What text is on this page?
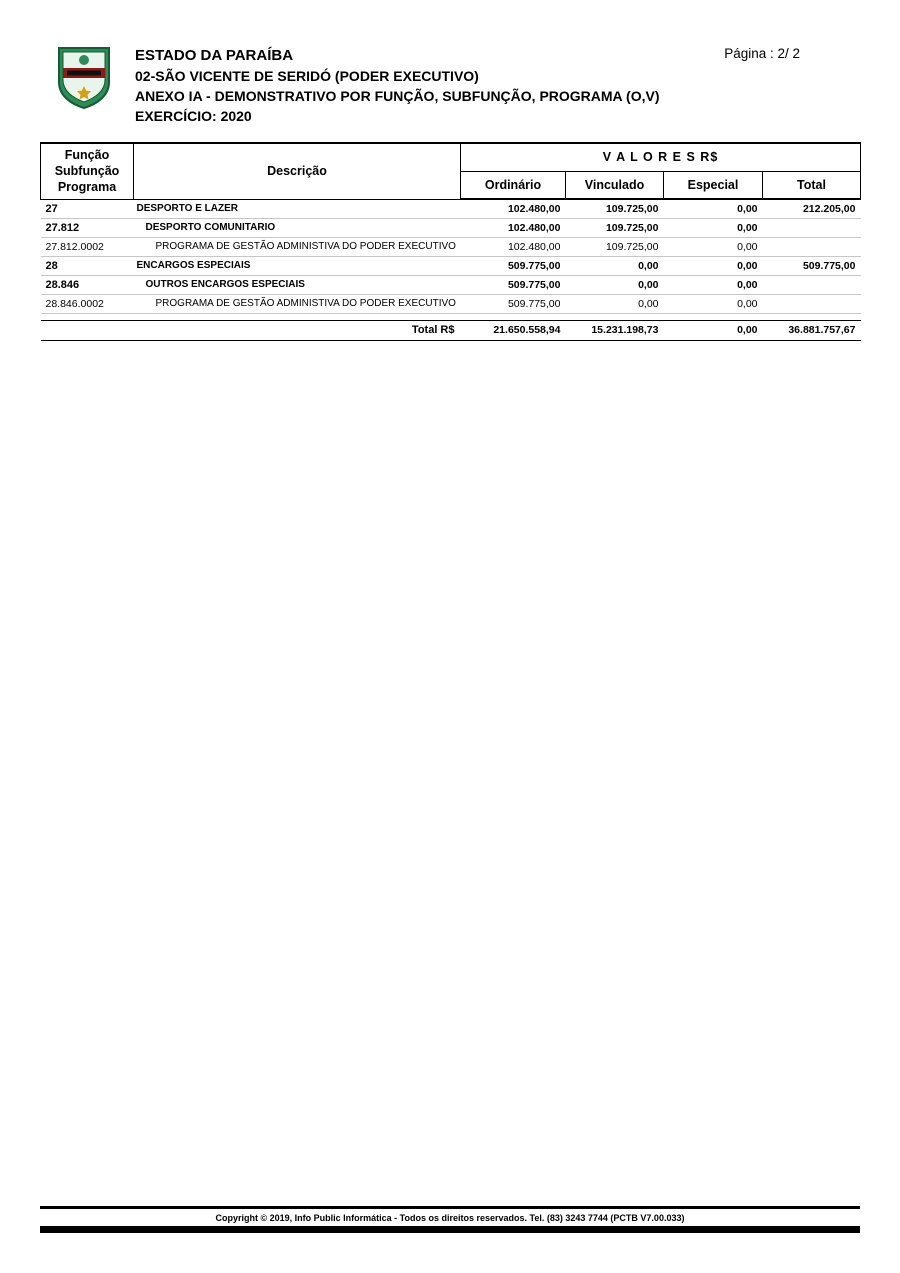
ESTADO DA PARAÍBA
02-SÃO VICENTE DE SERIDÓ (PODER EXECUTIVO)
ANEXO IA - DEMONSTRATIVO POR FUNÇÃO, SUBFUNÇÃO, PROGRAMA (O,V)
EXERCÍCIO: 2020
Página : 2/ 2
Função
Subfunção
Programa	Descrição	V A L O R E S R$			
		Ordinário	Vinculado	Especial	Total
27	DESPORTO E LAZER	102.480,00	109.725,00	0,00	212.205,00
27.812	DESPORTO COMUNITARIO	102.480,00	109.725,00	0,00	
27.812.0002	PROGRAMA DE GESTÃO ADMINISTIVA DO PODER EXECUTIVO	102.480,00	109.725,00	0,00	
28	ENCARGOS ESPECIAIS	509.775,00	0,00	0,00	509.775,00
28.846	OUTROS ENCARGOS ESPECIAIS	509.775,00	0,00	0,00	
28.846.0002	PROGRAMA DE GESTÃO ADMINISTIVA DO PODER EXECUTIVO	509.775,00	0,00	0,00	

	Total R$	21.650.558,94	15.231.198,73	0,00	36.881.757,67
Copyright © 2019, Info Public Informática - Todos os direitos reservados. Tel. (83) 3243 7744 (PCTB V7.00.033)
